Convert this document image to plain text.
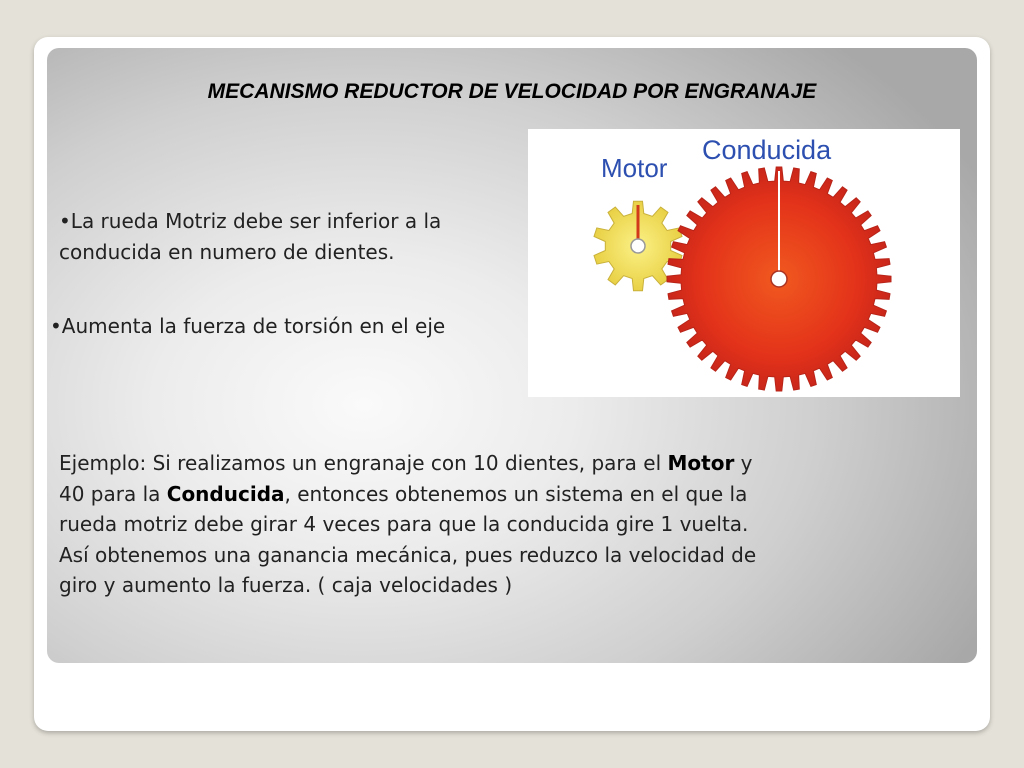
MECANISMO REDUCTOR DE VELOCIDAD POR ENGRANAJE

•La rueda Motriz debe ser inferior a la conducida en numero de dientes.

•Aumenta la fuerza de torsión en el eje

Motor
Conducida

Ejemplo: Si realizamos un engranaje con 10 dientes, para el Motor y 40 para la Conducida, entonces obtenemos un sistema en el que la rueda motriz debe girar 4 veces para que la conducida gire 1 vuelta. Así obtenemos una ganancia mecánica, pues reduzco la velocidad de giro y aumento la fuerza. ( caja velocidades )
